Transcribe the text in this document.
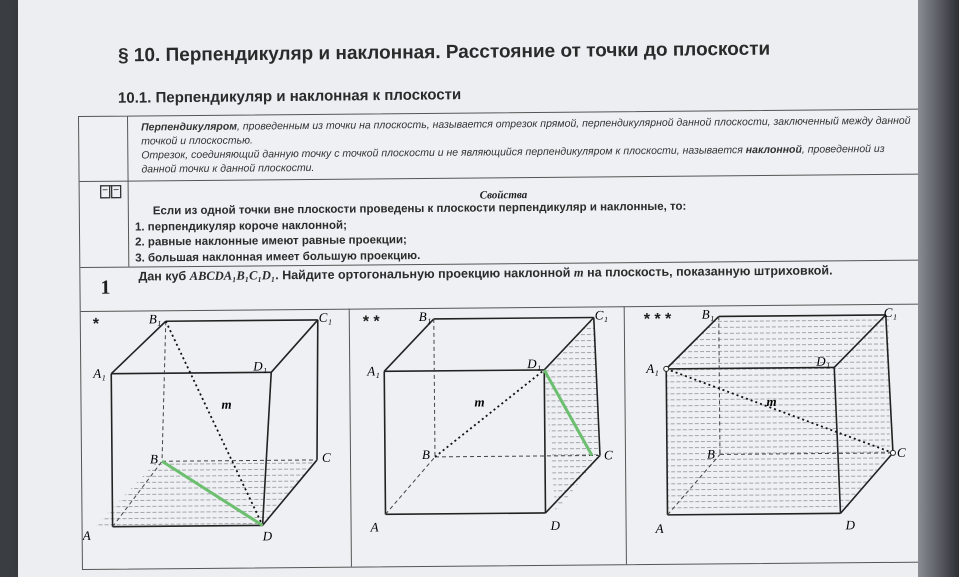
§ 10. Перпендикуляр и наклонная. Расстояние от точки до плоскости
10.1. Перпендикуляр и наклонная к плоскости
Перпендикуляром, проведенным из точки на плоскость, называется отрезок прямой, перпендикулярной данной плоскости, заключенный между данной точкой и плоскостью.
Отрезок, соединяющий данную точку с точкой плоскости и не являющийся перпендикуляром к плоскости, называется наклонной, проведенной из данной точки к данной плоскости.
Свойства
Если из одной точки вне плоскости проведены к плоскости перпендикуляр и наклонные, то:
1. перпендикуляр короче наклонной;
2. равные наклонные имеют равные проекции;
3. большая наклонная имеет большую проекцию.
1
Дан куб ABCDA₁B₁C₁D₁. Найдите ортогональную проекцию наклонной m на плоскость, показанную штриховкой.
*
A
B	C
D
A₁
B₁	C₁
D₁
m
* *
A
B	C
D
A₁
B₁	C₁
D₁
m
* * *
A
B	C
D
A₁
B₁	C₁
D₁
m
